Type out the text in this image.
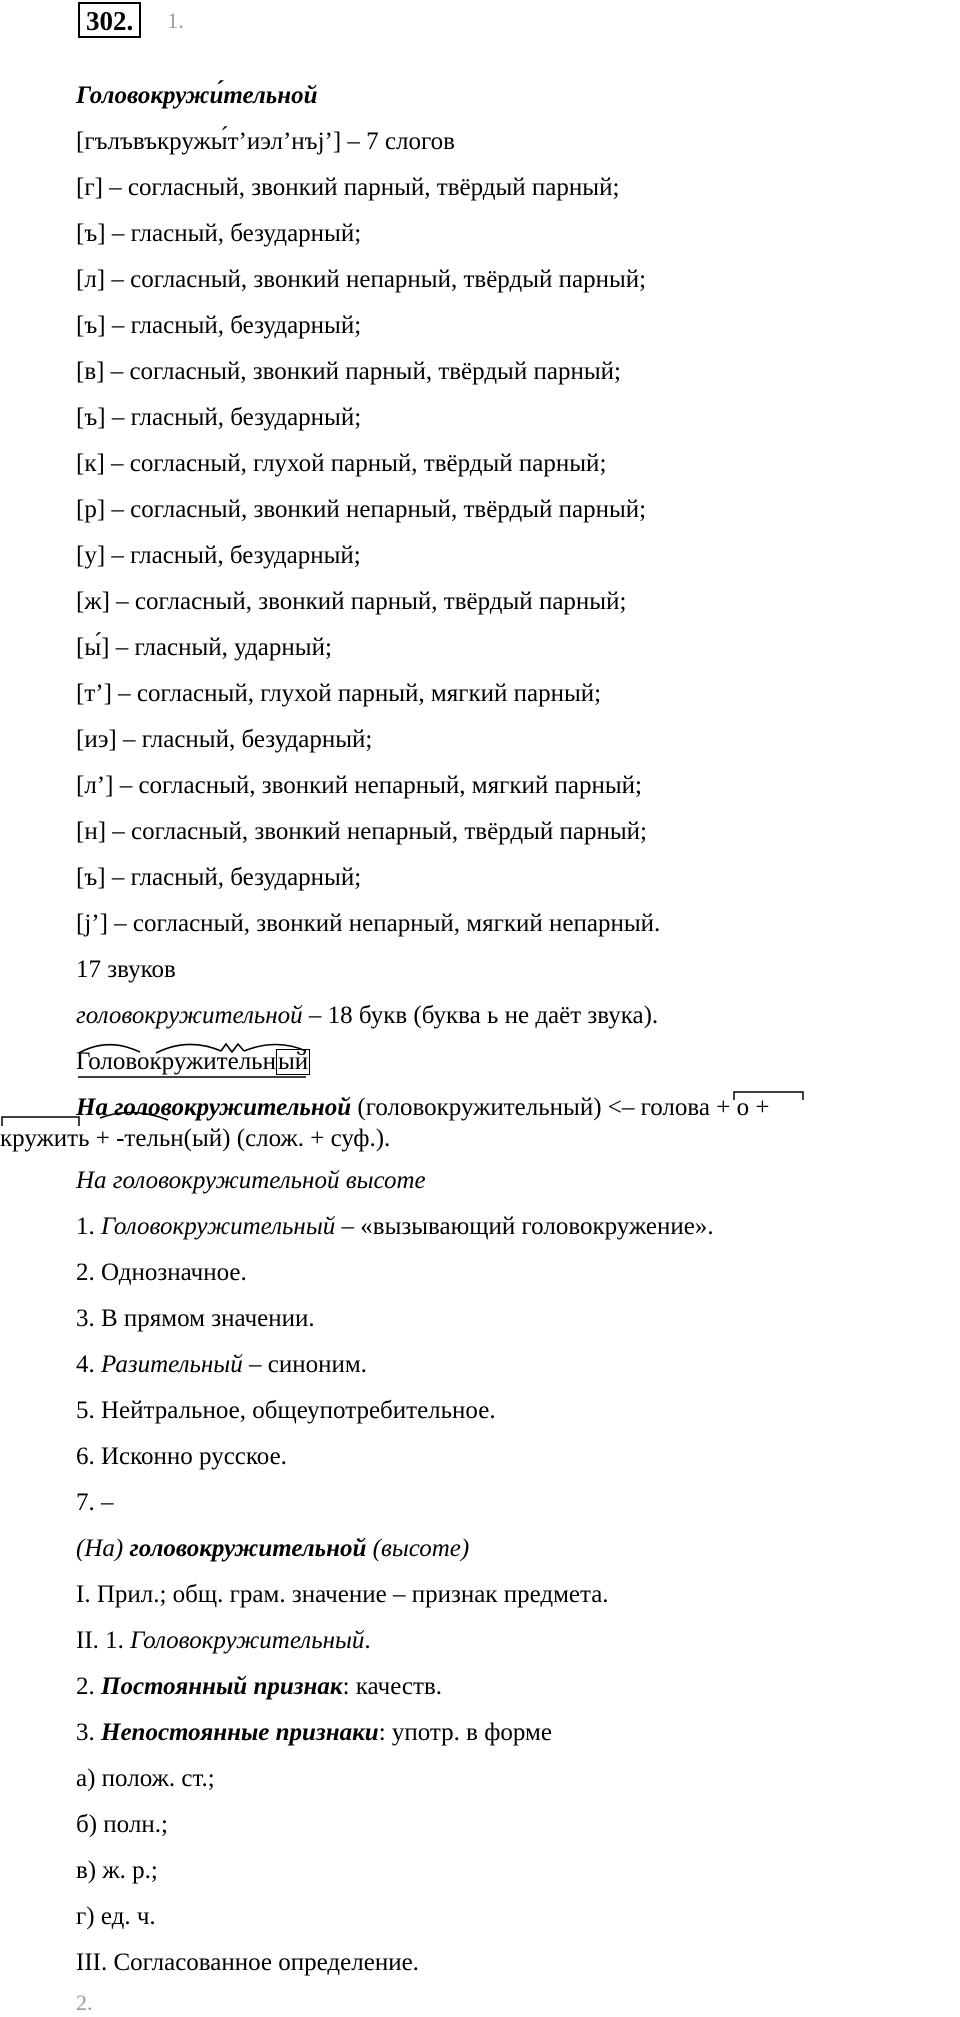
302. 1.
Головокружи́тельной
[гълъвъкружы́т’иэл’нъj’] – 7 слогов
[г] – согласный, звонкий парный, твёрдый парный;
[ъ] – гласный, безударный;
[л] – согласный, звонкий непарный, твёрдый парный;
[ъ] – гласный, безударный;
[в] – согласный, звонкий парный, твёрдый парный;
[ъ] – гласный, безударный;
[к] – согласный, глухой парный, твёрдый парный;
[р] – согласный, звонкий непарный, твёрдый парный;
[у] – гласный, безударный;
[ж] – согласный, звонкий парный, твёрдый парный;
[ы́] – гласный, ударный;
[т’] – согласный, глухой парный, мягкий парный;
[иэ] – гласный, безударный;
[л’] – согласный, звонкий непарный, мягкий парный;
[н] – согласный, звонкий непарный, твёрдый парный;
[ъ] – гласный, безударный;
[j’] – согласный, звонкий непарный, мягкий непарный.
17 звуков
головокружительной – 18 букв (буква ь не даёт звука).
Головокружительный
На головокружительной (головокружительный) <– голова + о +
кружить + -тельн(ый) (слож. + суф.).
На головокружительной высоте
1. Головокружительный – «вызывающий головокружение».
2. Однозначное.
3. В прямом значении.
4. Разительный – синоним.
5. Нейтральное, общеупотребительное.
6. Исконно русское.
7. –
(На) головокружительной (высоте)
I. Прил.; общ. грам. значение – признак предмета.
II. 1. Головокружительный.
2. Постоянный признак: качеств.
3. Непостоянные признаки: употр. в форме
а) полож. ст.;
б) полн.;
в) ж. р.;
г) ед. ч.
III. Согласованное определение.
2.
